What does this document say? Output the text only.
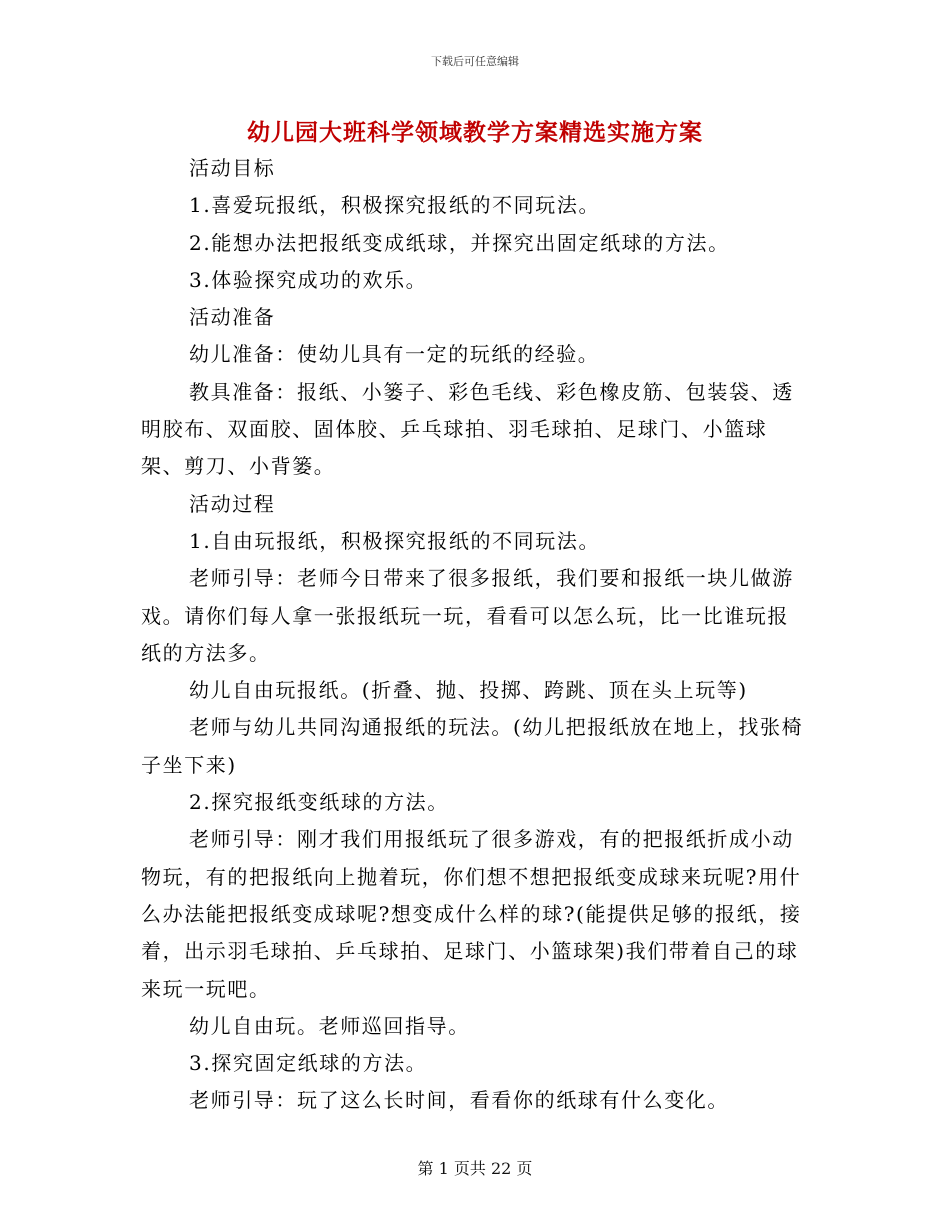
下载后可任意编辑
幼儿园大班科学领域教学方案精选实施方案

活动目标

1.喜爱玩报纸，积极探究报纸的不同玩法。

2.能想办法把报纸变成纸球，并探究出固定纸球的方法。

3.体验探究成功的欢乐。

活动准备

幼儿准备：使幼儿具有一定的玩纸的经验。

教具准备：报纸、小篓子、彩色毛线、彩色橡皮筋、包装袋、透明胶布、双面胶、固体胶、乒乓球拍、羽毛球拍、足球门、小篮球架、剪刀、小背篓。

活动过程

1.自由玩报纸，积极探究报纸的不同玩法。

老师引导：老师今日带来了很多报纸，我们要和报纸一块儿做游戏。请你们每人拿一张报纸玩一玩，看看可以怎么玩，比一比谁玩报纸的方法多。

幼儿自由玩报纸。(折叠、抛、投掷、跨跳、顶在头上玩等)

老师与幼儿共同沟通报纸的玩法。(幼儿把报纸放在地上，找张椅子坐下来)

2.探究报纸变纸球的方法。

老师引导：刚才我们用报纸玩了很多游戏，有的把报纸折成小动物玩，有的把报纸向上抛着玩，你们想不想把报纸变成球来玩呢?用什么办法能把报纸变成球呢?想变成什么样的球?(能提供足够的报纸，接着，出示羽毛球拍、乒乓球拍、足球门、小篮球架)我们带着自己的球来玩一玩吧。

幼儿自由玩。老师巡回指导。

3.探究固定纸球的方法。

老师引导：玩了这么长时间，看看你的纸球有什么变化。

第 1 页共 22 页
